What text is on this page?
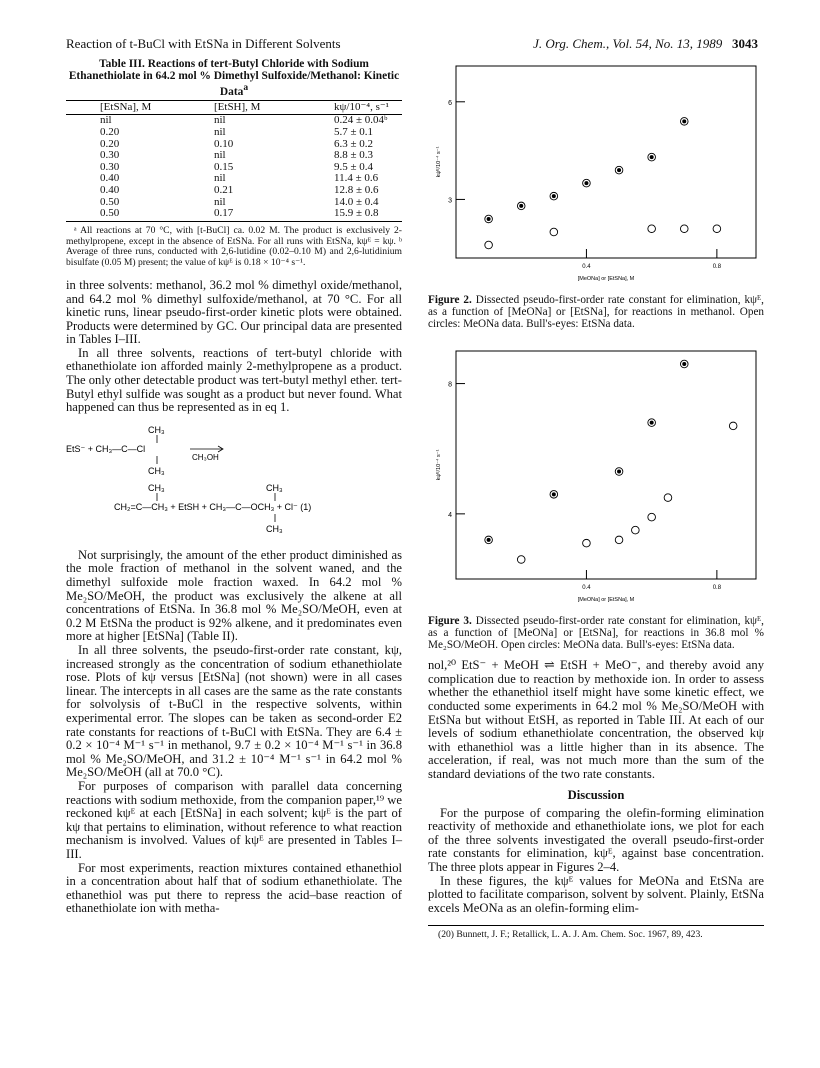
Reaction of t-BuCl with EtSNa in Different Solvents	J. Org. Chem., Vol. 54, No. 13, 1989 3043
Table III. Reactions of tert-Butyl Chloride with Sodium Ethanethiolate in 64.2 mol % Dimethyl Sulfoxide/Methanol: Kinetic Data$^a$
[EtSNa], M	[EtSH], M	kψ/10⁻⁴, s⁻¹
nil	nil	0.24 ± 0.04ᵇ
0.20	nil	5.7 ± 0.1
0.20	0.10	6.3 ± 0.2
0.30	nil	8.8 ± 0.3
0.30	0.15	9.5 ± 0.4
0.40	nil	11.4 ± 0.6
0.40	0.21	12.8 ± 0.6
0.50	nil	14.0 ± 0.4
0.50	0.17	15.9 ± 0.8
ᵃ All reactions at 70 °C, with [t-BuCl] ca. 0.02 M. The product is exclusively 2-methylpropene, except in the absence of EtSNa. For all runs with EtSNa, kψᴱ = kψ. ᵇ Average of three runs, conducted with 2,6-lutidine (0.02–0.10 M) and 2,6-lutidinium bisulfate (0.05 M) present; the value of kψᴱ is 0.18 × 10⁻⁴ s⁻¹.

in three solvents: methanol, 36.2 mol % dimethyl oxide/methanol, and 64.2 mol % dimethyl sulfoxide/methanol, at 70 °C. For all kinetic runs, linear pseudo-first-order kinetic plots were obtained. Products were determined by GC. Our principal data are presented in Tables I–III.

In all three solvents, reactions of tert-butyl chloride with ethanethiolate ion afforded mainly 2-methylpropene as a product. The only other detectable product was tert-butyl methyl ether. tert-Butyl ethyl sulfide was sought as a product but never found. What happened can thus be represented as in eq 1.

CH₃
EtS⁻ + CH₃—C—Cl
CH₃
CH₃OH
CH₃	CH₃
CH₂=C—CH₃ + EtSH + CH₃—C—OCH₃ + Cl⁻ (1)
CH₃

Not surprisingly, the amount of the ether product diminished as the mole fraction of methanol in the solvent waned, and the dimethyl sulfoxide mole fraction waxed. In 64.2 mol % Me₂SO/MeOH, the product was exclusively the alkene at all concentrations of EtSNa. In 36.8 mol % Me₂SO/MeOH, even at 0.2 M EtSNa the product is 92% alkene, and it predominates even more at higher [EtSNa] (Table II).

In all three solvents, the pseudo-first-order rate constant, kψ, increased strongly as the concentration of sodium ethanethiolate rose. Plots of kψ versus [EtSNa] (not shown) were in all cases linear. The intercepts in all cases are the same as the rate constants for solvolysis of t-BuCl in the respective solvents, within experimental error. The slopes can be taken as second-order E2 rate constants for reactions of t-BuCl with EtSNa. They are 6.4 ± 0.2 × 10⁻⁴ M⁻¹ s⁻¹ in methanol, 9.7 ± 0.2 × 10⁻⁴ M⁻¹ s⁻¹ in 36.8 mol % Me₂SO/MeOH, and 31.2 ± 10⁻⁴ M⁻¹ s⁻¹ in 64.2 mol % Me₂SO/MeOH (all at 70.0 °C).

For purposes of comparison with parallel data concerning reactions with sodium methoxide, from the companion paper,¹⁹ we reckoned kψᴱ at each [EtSNa] in each solvent; kψᴱ is the part of kψ that pertains to elimination, without reference to what reaction mechanism is involved. Values of kψᴱ are presented in Tables I–III.

For most experiments, reaction mixtures contained ethanethiol in a concentration about half that of sodium ethanethiolate. The ethanethiol was put there to repress the acid–base reaction of ethanethiolate ion with metha-

3
6
0.4	0.8
[MeONa] or [EtSNa], M
kψᴱ/10⁻⁴ s⁻¹
Figure 2. Dissected pseudo-first-order rate constant for elimination, kψᴱ, as a function of [MeONa] or [EtSNa], for reactions in methanol. Open circles: MeONa data. Bull's-eyes: EtSNa data.
4
8
0.4	0.8
[MeONa] or [EtSNa], M
kψᴱ/10⁻⁴ s⁻¹
Figure 3. Dissected pseudo-first-order rate constant for elimination, kψᴱ, as a function of [MeONa] or [EtSNa], for reactions in 36.8 mol % Me₂SO/MeOH. Open circles: MeONa data. Bull's-eyes: EtSNa data.

nol,²⁰ EtS⁻ + MeOH ⇌ EtSH + MeO⁻, and thereby avoid any complication due to reaction by methoxide ion. In order to assess whether the ethanethiol itself might have some kinetic effect, we conducted some experiments in 64.2 mol % Me₂SO/MeOH with EtSNa but without EtSH, as reported in Table III. At each of our levels of sodium ethanethiolate concentration, the observed kψ with ethanethiol was a little higher than in its absence. The acceleration, if real, was not much more than the sum of the standard deviations of the two rate constants.

Discussion

For the purpose of comparing the olefin-forming elimination reactivity of methoxide and ethanethiolate ions, we plot for each of the three solvents investigated the overall pseudo-first-order rate constants for elimination, kψᴱ, against base concentration. The three plots appear in Figures 2–4.

In these figures, the kψᴱ values for MeONa and EtSNa are plotted to facilitate comparison, solvent by solvent. Plainly, EtSNa excels MeONa as an olefin-forming elim-

(20) Bunnett, J. F.; Retallick, L. A. J. Am. Chem. Soc. 1967, 89, 423.
